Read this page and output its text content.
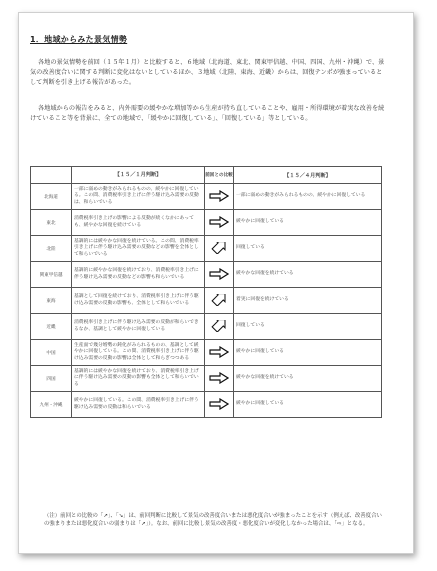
1．地域からみた景気情勢
各地の景気情勢を前回（１５年１月）と比較すると、６地域（北海道、東北、関東甲信越、中国、四国、九州・沖縄）で、景気の改善度合いに関する判断に変化はないとしているほか、３地域（北陸、東海、近畿）からは、回復テンポが強まっているとして判断を引き上げる報告があった。
各地域からの報告をみると、内外需要の緩やかな増加等から生産が持ち直していることや、雇用・所得環境が着実な改善を続けていること等を背景に、全ての地域で、「緩やかに回復している」、「回復している」等としている。
	【１５／１月判断】	前回との比較	【１５／４月判断】
北海道	一部に弱めの動きがみられるものの、緩やかに回復している。この間、消費税率引き上げに伴う駆け込み需要の反動は、和らいでいる		一部に弱めの動きがみられるものの、緩やかに回復している
東北	消費税率引き上げの影響による反動が続くなかにあっても、緩やかな回復を続けている		緩やかに回復している
北陸	基調的には緩やかな回復を続けている。この間、消費税率引き上げに伴う駆け込み需要の反動などの影響を全体として和らいでいる		回復している
関東甲信越	基調的に緩やかな回復を続けており、消費税率引き上げに伴う駆け込み需要の反動などの影響も和らいでいる		緩やかな回復を続けている
東海	基調として回復を続けており、消費税率引き上げに伴う駆け込み需要の反動の影響も、全体として和らいでいる		着実に回復を続けている
近畿	消費税率引き上げに伴う駆け込み需要の反動が和らいできるなか、基調として緩やかに回復している		回復している
中国	生産面で幾分増勢の鈍化がみられるものの、基調として緩やかに回復している。この間、消費税率引き上げに伴う駆け込み需要の反動の影響は全体として和らぎつつある		緩やかに回復している
四国	基調的には緩やかな回復を続けており、消費税率引き上げに伴う駆け込み需要の反動の影響も全体として和らいでいる		緩やかな回復を続けている
九州・沖縄	緩やかに回復している。この間、消費税率引き上げに伴う駆け込み需要の反動は和らいでいる		緩やかに回復している
（注）前回との比較の「↗」、「↘」は、前回判断に比較して景気の改善度合いまたは悪化度合いが強まったことを示す（例えば、改善度合いの強まりまたは悪化度合いの弱まりは「↗」）。なお、前回に比較し景気の改善度・悪化度合いが変化しなかった場合は、「⇨」となる。
